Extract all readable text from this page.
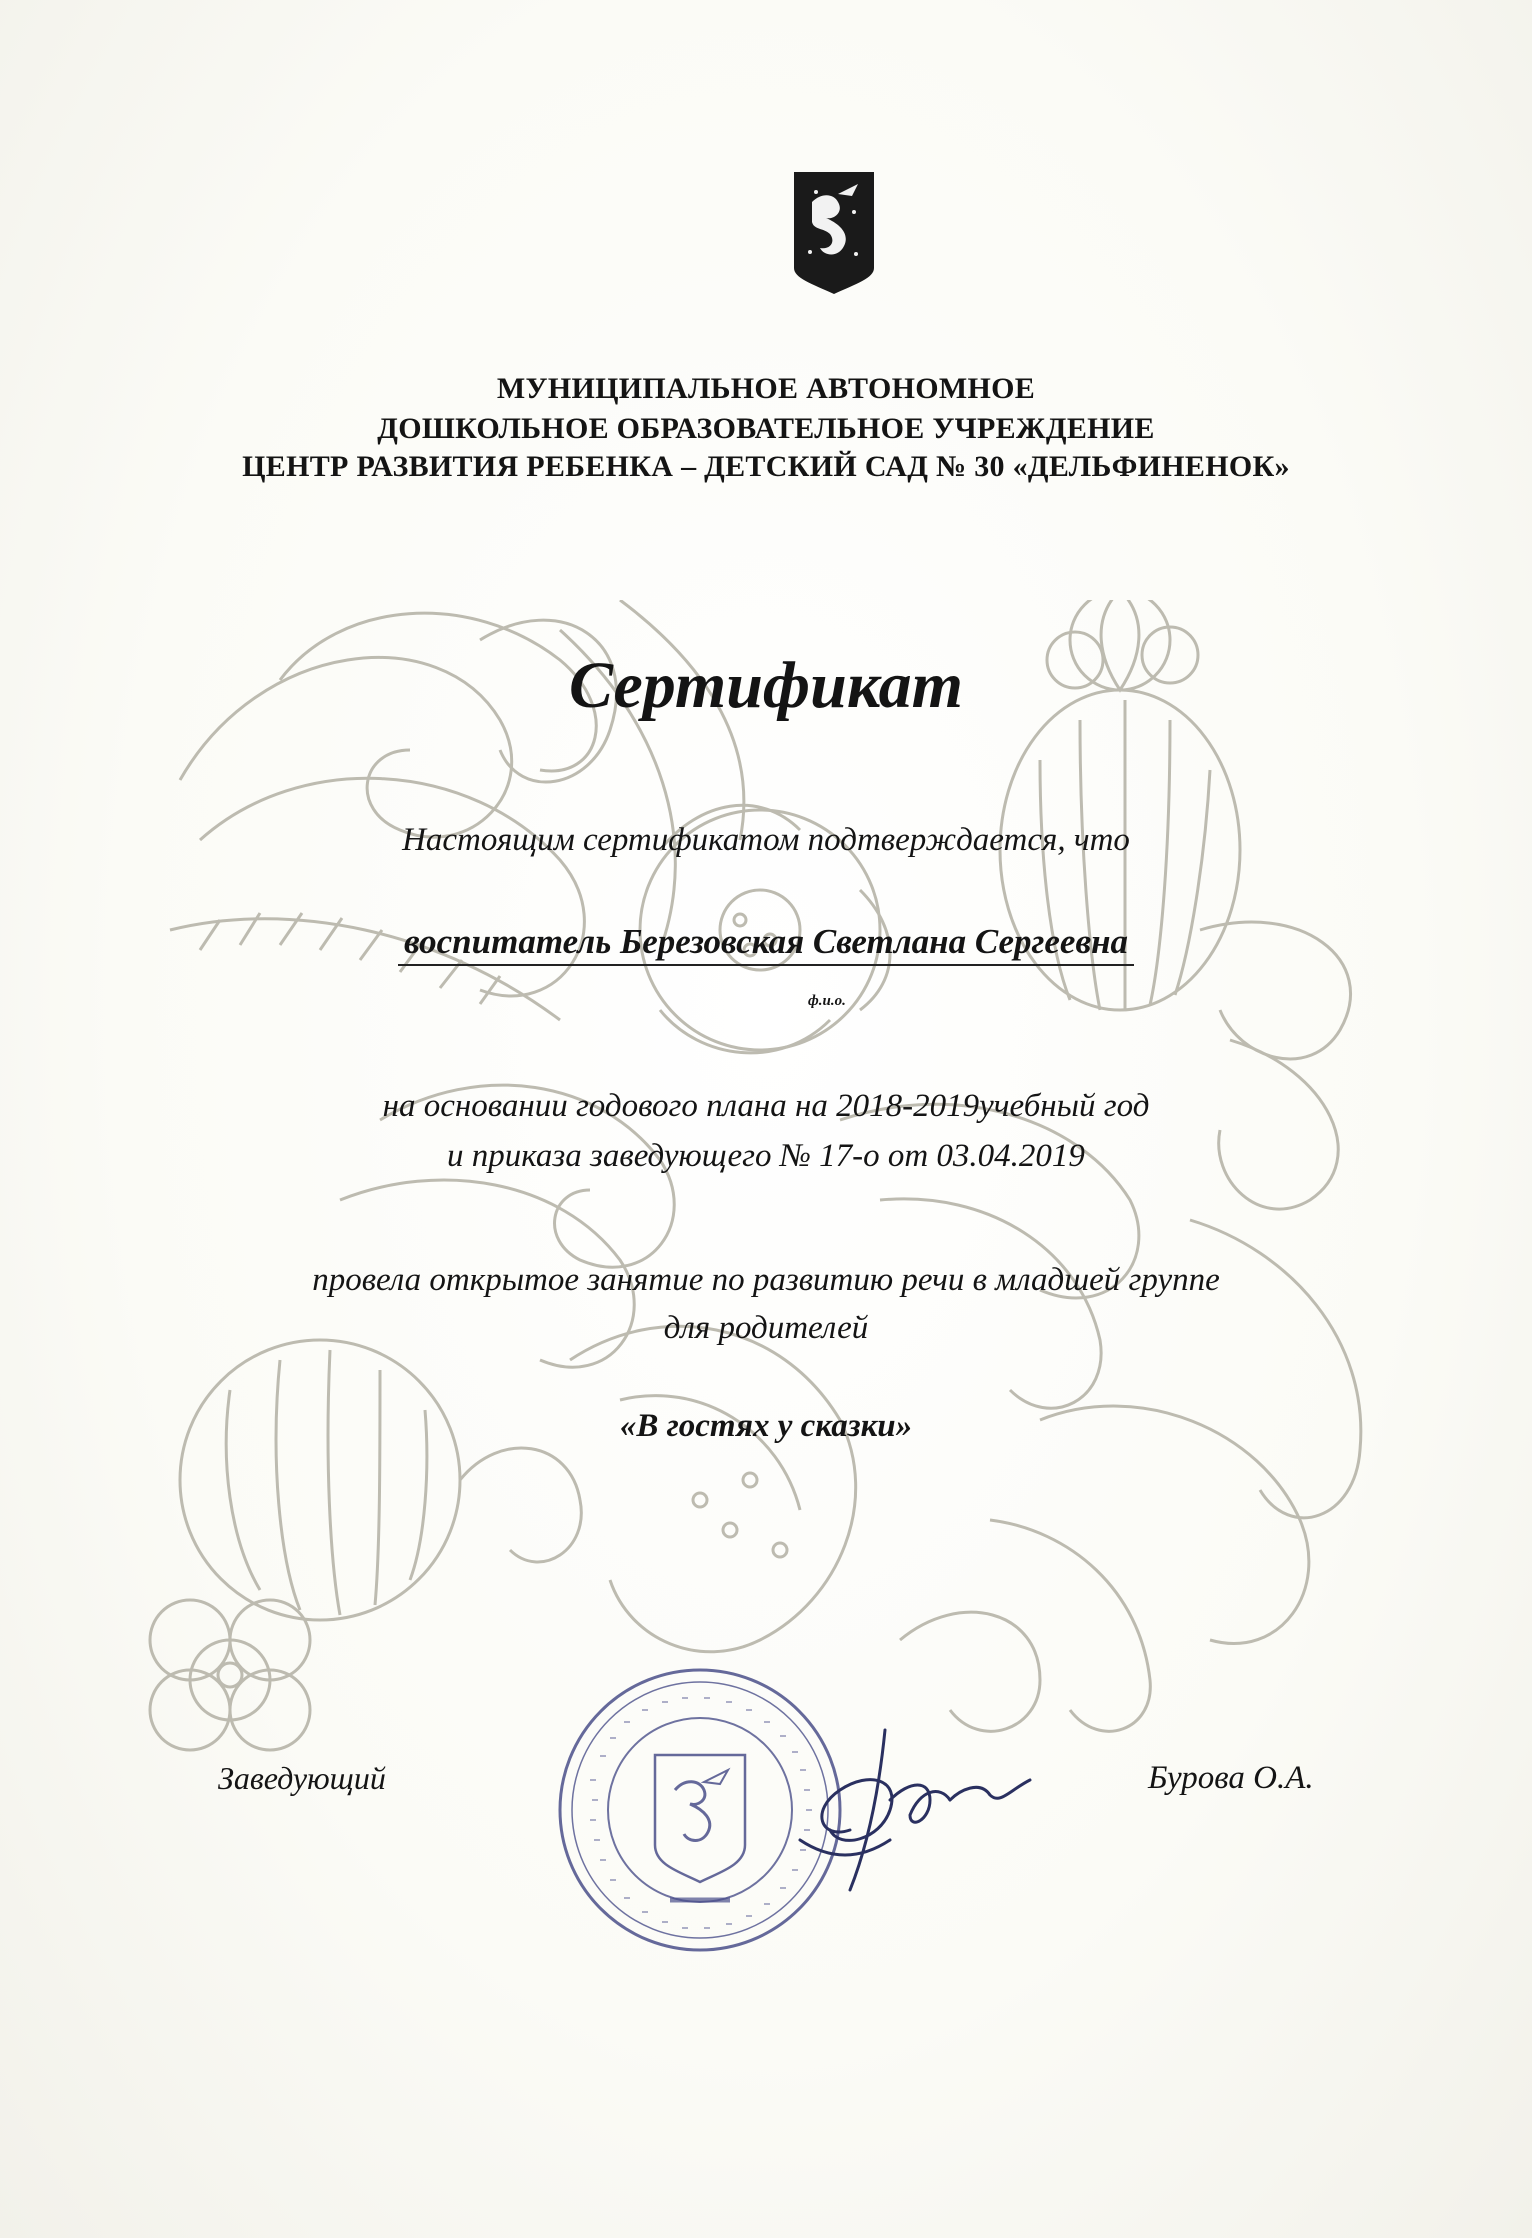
МУНИЦИПАЛЬНОЕ АВТОНОМНОЕ

ДОШКОЛЬНОЕ ОБРАЗОВАТЕЛЬНОЕ УЧРЕЖДЕНИЕ

ЦЕНТР РАЗВИТИЯ РЕБЕНКА – ДЕТСКИЙ САД № 30 «ДЕЛЬФИНЕНОК»

Сертификат

Настоящим сертификатом подтверждается, что

воспитатель Березовская Светлана Сергеевна

ф.и.о.

на основании годового плана на 2018-2019учебный год

и приказа заведующего № 17-о от 03.04.2019

провела открытое занятие по развитию речи в младшей группе

для родителей

«В гостях у сказки»

Заведующий	Бурова О.А.
